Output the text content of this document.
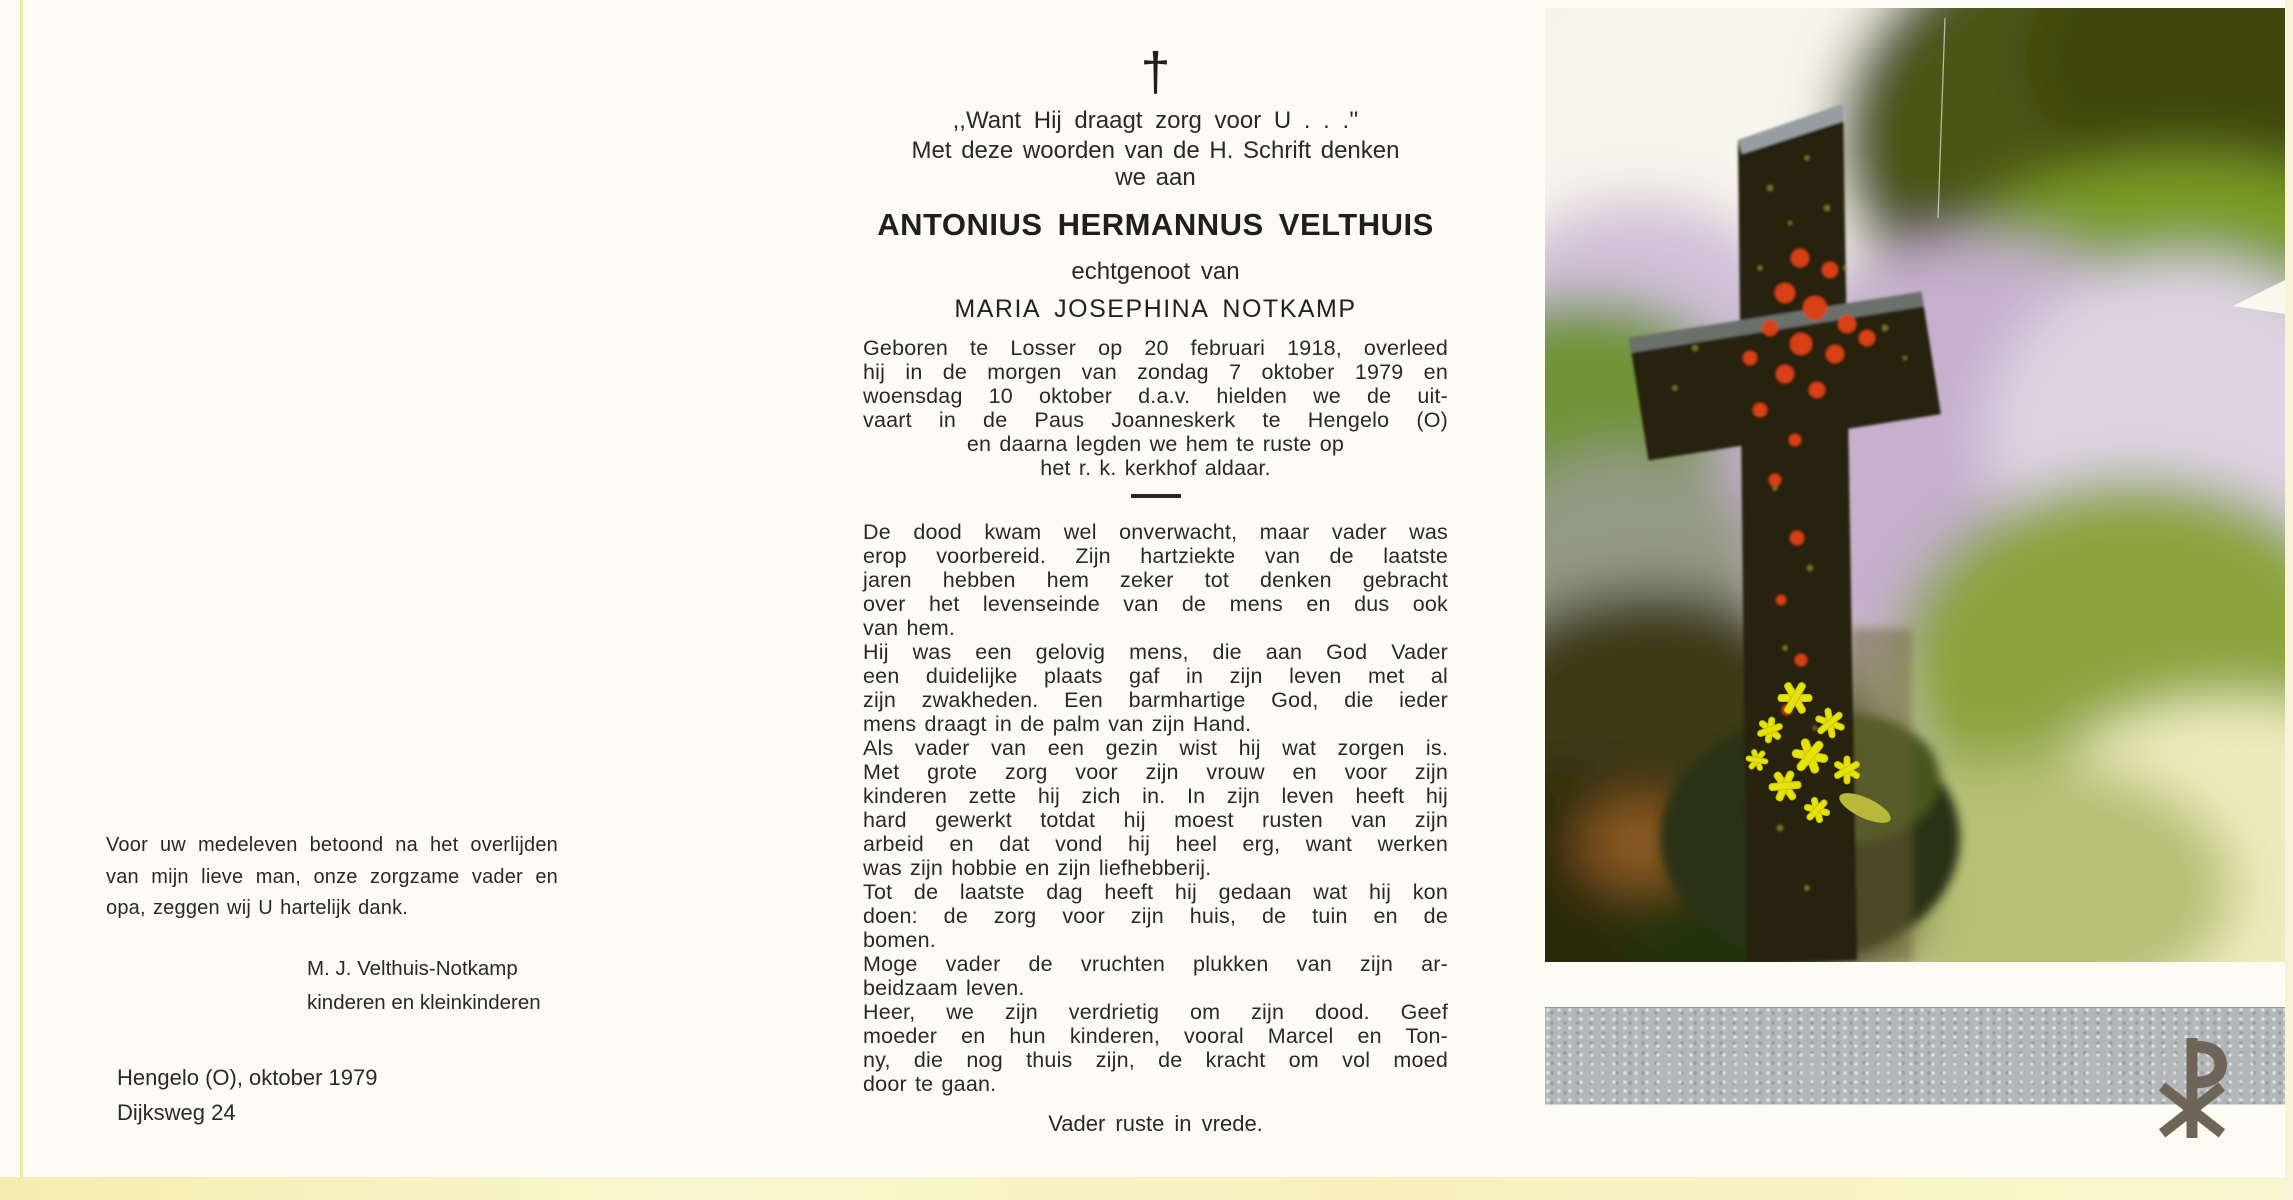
Voor uw medeleven betoond na het overlijden
van mijn lieve man, onze zorgzame vader en
opa, zeggen wij U hartelijk dank.
M. J. Velthuis-Notkamp
kinderen en kleinkinderen
Hengelo (O), oktober 1979
Dijksweg 24
†
,,Want Hij draagt zorg voor U . . .''
Met deze woorden van de H. Schrift denken
we aan
ANTONIUS HERMANNUS VELTHUIS
echtgenoot van
MARIA JOSEPHINA NOTKAMP
Geboren te Losser op 20 februari 1918, overleed
hij in de morgen van zondag 7 oktober 1979 en
woensdag 10 oktober d.a.v. hielden we de uit-
vaart in de Paus Joanneskerk te Hengelo (O)
en daarna legden we hem te ruste op
het r. k. kerkhof aldaar.
De dood kwam wel onverwacht, maar vader was
erop voorbereid. Zijn hartziekte van de laatste
jaren hebben hem zeker tot denken gebracht
over het levenseinde van de mens en dus ook
van hem.
Hij was een gelovig mens, die aan God Vader
een duidelijke plaats gaf in zijn leven met al
zijn zwakheden. Een barmhartige God, die ieder
mens draagt in de palm van zijn Hand.
Als vader van een gezin wist hij wat zorgen is.
Met grote zorg voor zijn vrouw en voor zijn
kinderen zette hij zich in. In zijn leven heeft hij
hard gewerkt totdat hij moest rusten van zijn
arbeid en dat vond hij heel erg, want werken
was zijn hobbie en zijn liefhebberij.
Tot de laatste dag heeft hij gedaan wat hij kon
doen: de zorg voor zijn huis, de tuin en de
bomen.
Moge vader de vruchten plukken van zijn ar-
beidzaam leven.
Heer, we zijn verdrietig om zijn dood. Geef
moeder en hun kinderen, vooral Marcel en Ton-
ny, die nog thuis zijn, de kracht om vol moed
door te gaan.
Vader ruste in vrede.
